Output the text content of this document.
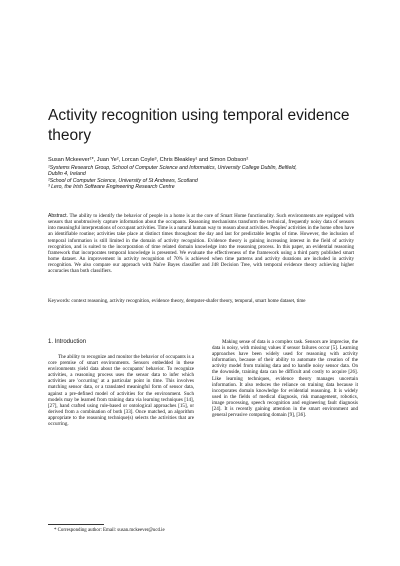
Activity recognition using temporal evidence theory
Susan Mckeever¹*, Juan Ye², Lorcan Coyle³, Chris Bleakley¹ and Simon Dobson²
¹Systems Research Group, School of Computer Science and Informatics, University College Dublin, Belfield,
Dublin 4, Ireland
²School of Computer Science, University of St Andrews, Scotland
³ Lero, the Irish Software Engineering Research Centre
Abstract. The ability to identify the behavior of people in a home is at the core of Smart Home functionality. Such environments are equipped with sensors that unobtrusively capture information about the occupants. Reasoning mechanisms transform the technical, frequently noisy data of sensors into meaningful interpretations of occupant activities. Time is a natural human way to reason about activities. Peoples' activities in the home often have an identifiable routine; activities take place at distinct times throughout the day and last for predictable lengths of time. However, the inclusion of temporal information is still limited in the domain of activity recognition. Evidence theory is gaining increasing interest in the field of activity recognition, and is suited to the incorporation of time related domain knowledge into the reasoning process. In this paper, an evidential reasoning framework that incorporates temporal knowledge is presented. We evaluate the effectiveness of the framework using a third party published smart home dataset. An improvement in activity recognition of 70% is achieved when time patterns and activity durations are included in activity recognition. We also compare our approach with Naïve Bayes classifier and J48 Decision Tree, with temporal evidence theory achieving higher accuracies than both classifiers.
Keywords: context reasoning, activity recognition, evidence theory, dempster-shafer theory, temporal, smart home dataset, time
1. Introduction

The ability to recognize and monitor the behavior of occupants is a core premise of smart environments. Sensors embedded in these environments yield data about the occupants' behavior. To recognize activities, a reasoning process uses the sensor data to infer which activities are 'occurring' at a particular point in time. This involves matching sensor data, or a translated meaningful form of sensor data, against a pre-defined model of activities for the environment. Such models may be learned from training data via learning techniques [14], [27], hand crafted using rule-based or ontological approaches [15], or derived from a combination of both [33]. Once matched, an algorithm appropriate to the reasoning technique(s) selects the activities that are occurring.

Making sense of data is a complex task. Sensors are imprecise, the data is noisy, with missing values if sensor failures occur [5]. Learning approaches have been widely used for reasoning with activity information, because of their ability to automate the creation of the activity model from training data and to handle noisy sensor data. On the downside, training data can be difficult and costly to acquire [26]. Like learning techniques, evidence theory manages uncertain information. It also reduces the reliance on training data because it incorporates domain knowledge for evidential reasoning. It is widely used in the fields of medical diagnosis, risk management, robotics, image processing, speech recognition and engineering fault diagnosis [24]. It is recently gaining attention in the smart environment and general pervasive computing domain [9], [36].

* Corresponding author: Email: susan.mckeever@ucd.ie
